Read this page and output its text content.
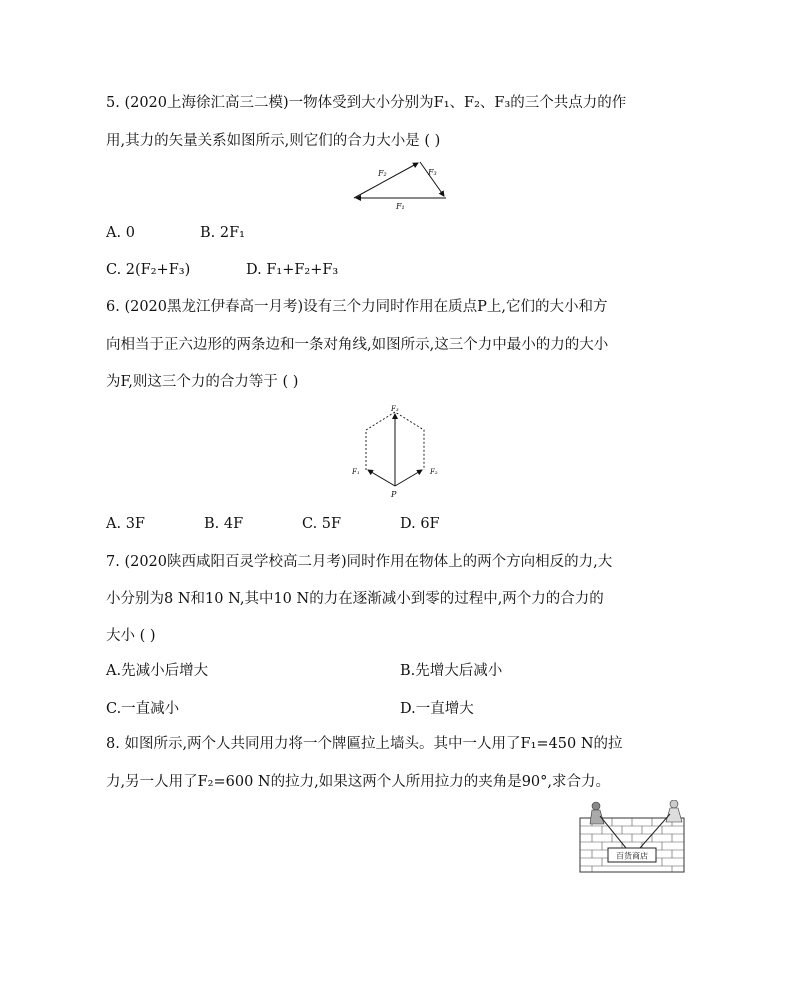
5. (2020上海徐汇高三二模)一物体受到大小分别为F₁、F₂、F₃的三个共点力的作
用,其力的矢量关系如图所示,则它们的合力大小是 ( )
F₂	F₃
F₁
A. 0	B. 2F₁
C. 2(F₂+F₃)	D. F₁+F₂+F₃
6. (2020黑龙江伊春高一月考)设有三个力同时作用在质点P上,它们的大小和方
向相当于正六边形的两条边和一条对角线,如图所示,这三个力中最小的力的大小
为F,则这三个力的合力等于 ( )
F₃
F₁	F₂
P
A. 3F	B. 4F	C. 5F	D. 6F
7. (2020陕西咸阳百灵学校高二月考)同时作用在物体上的两个方向相反的力,大
小分别为8 N和10 N,其中10 N的力在逐渐减小到零的过程中,两个力的合力的
大小 ( )
A.先减小后增大	B.先增大后减小
C.一直减小	D.一直增大
8. 如图所示,两个人共同用力将一个牌匾拉上墙头。其中一人用了F₁=450 N的拉
力,另一人用了F₂=600 N的拉力,如果这两个人所用拉力的夹角是90°,求合力。
百货商店
